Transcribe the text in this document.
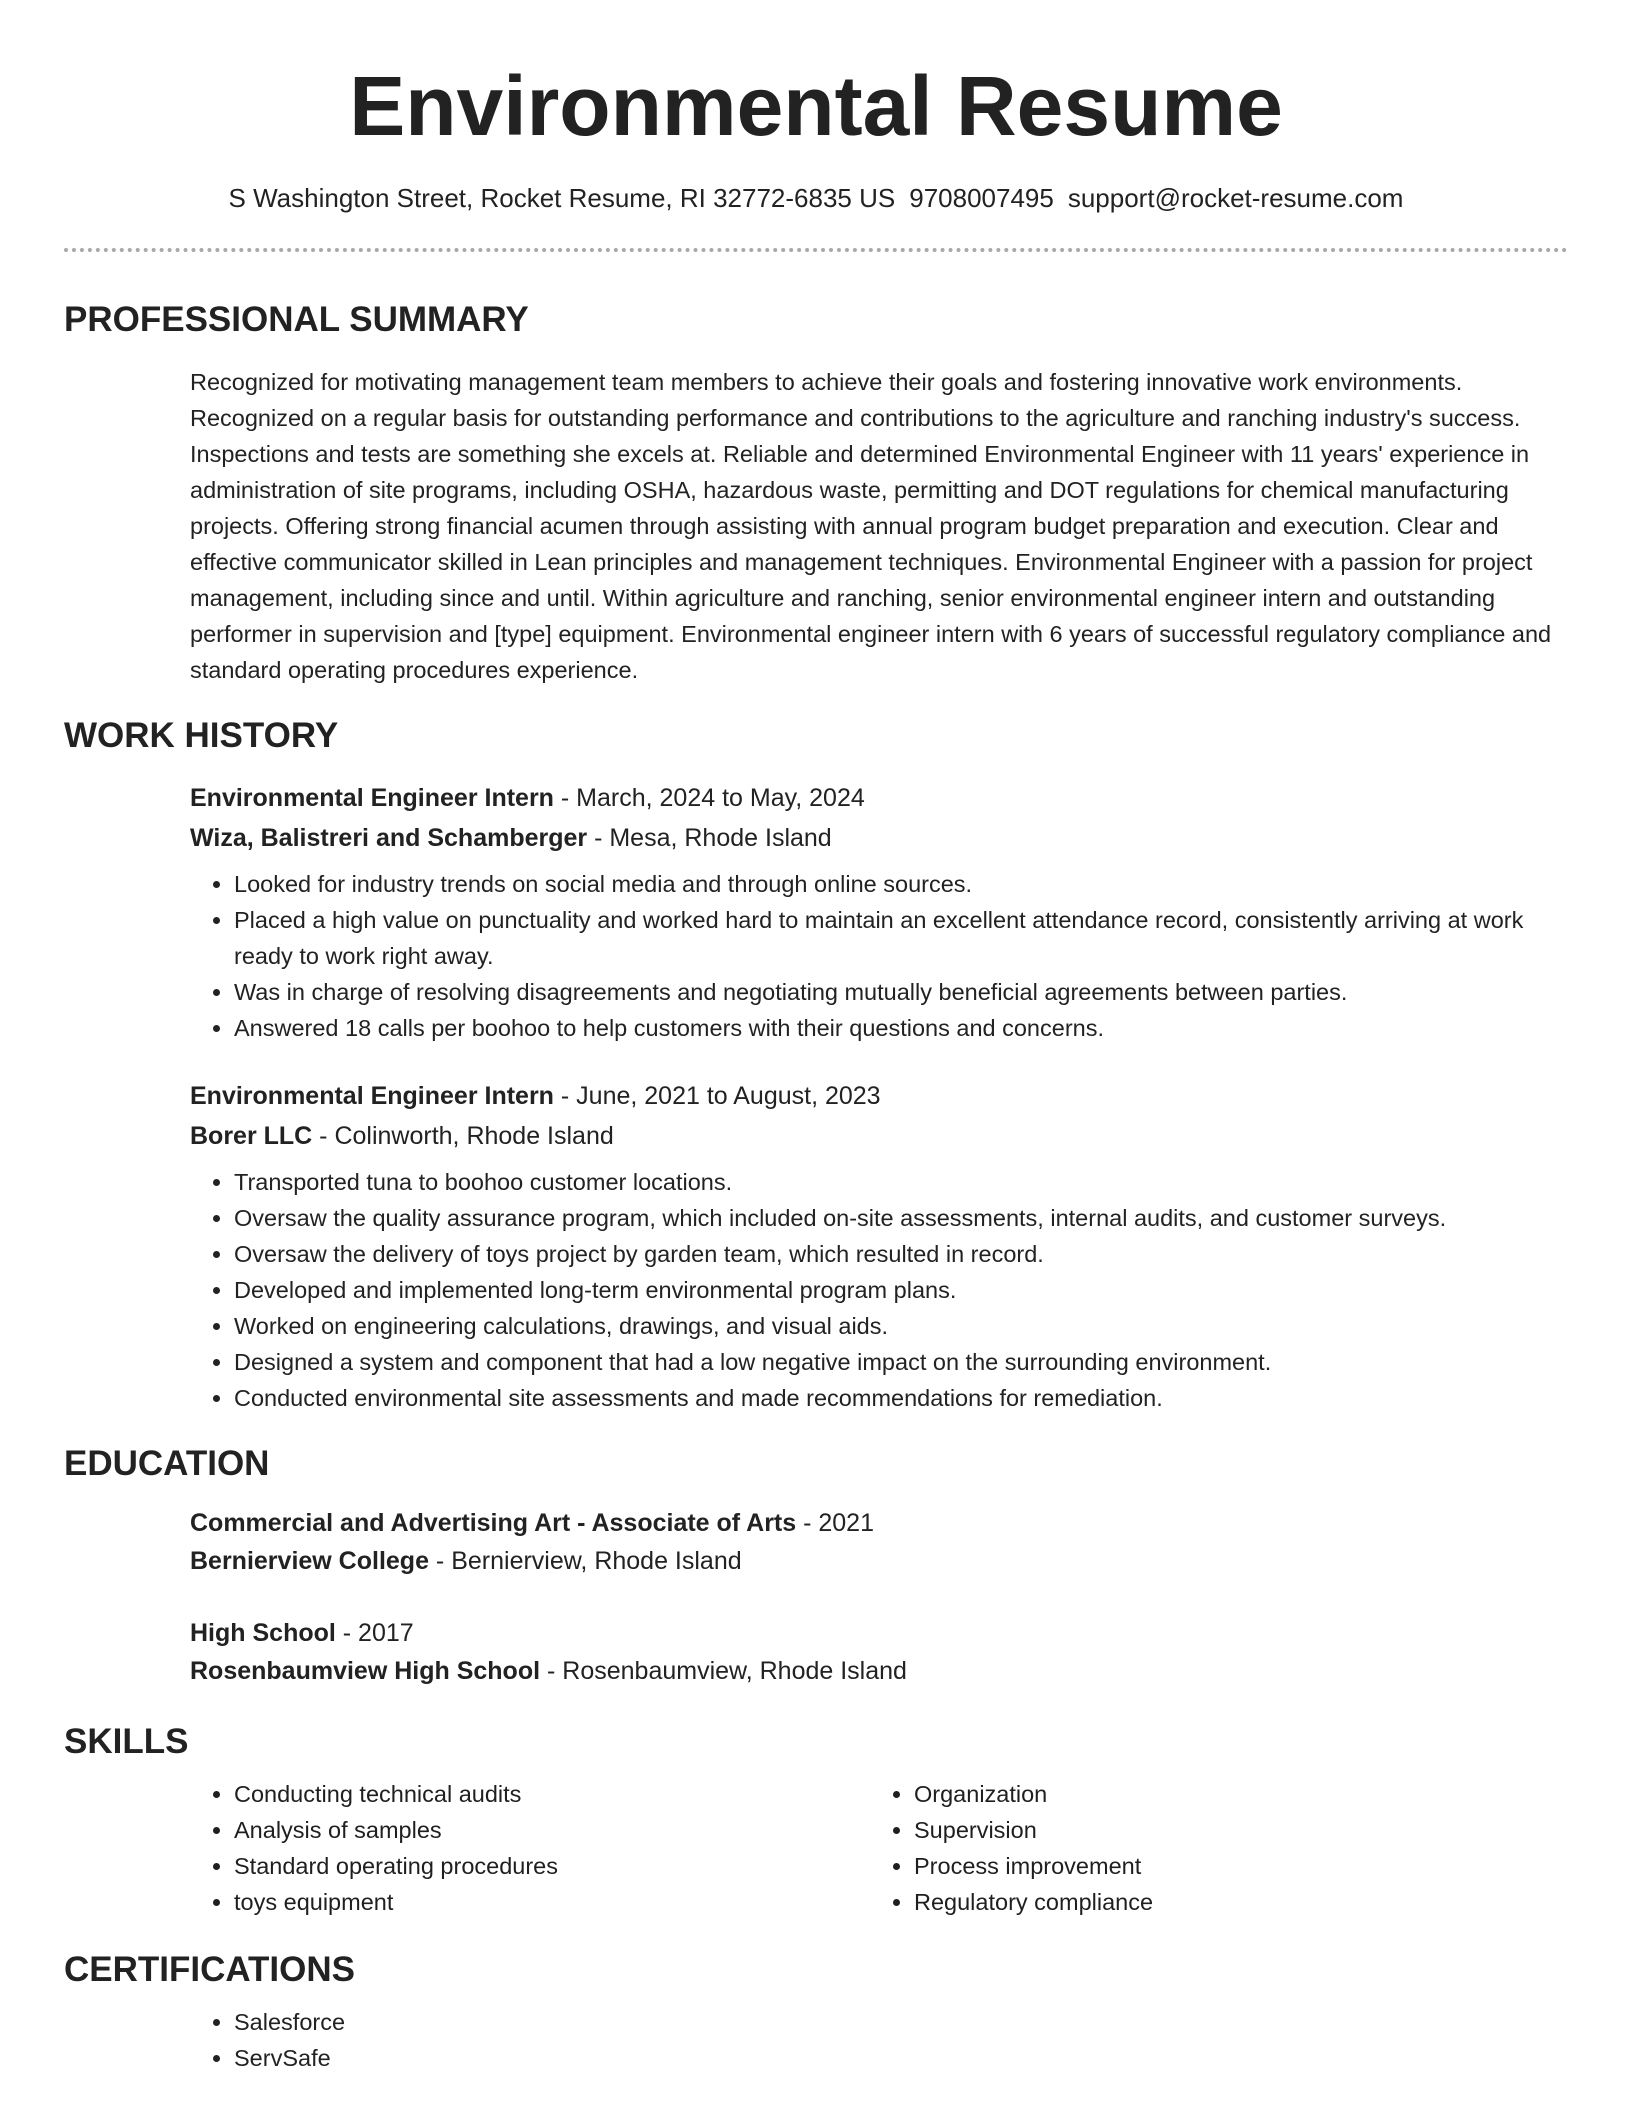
Environmental Resume
S Washington Street, Rocket Resume, RI 32772-6835 US 9708007495 support@rocket-resume.com
PROFESSIONAL SUMMARY
Recognized for motivating management team members to achieve their goals and fostering innovative work environments. Recognized on a regular basis for outstanding performance and contributions to the agriculture and ranching industry's success. Inspections and tests are something she excels at. Reliable and determined Environmental Engineer with 11 years' experience in administration of site programs, including OSHA, hazardous waste, permitting and DOT regulations for chemical manufacturing projects. Offering strong financial acumen through assisting with annual program budget preparation and execution. Clear and effective communicator skilled in Lean principles and management techniques. Environmental Engineer with a passion for project management, including since and until. Within agriculture and ranching, senior environmental engineer intern and outstanding performer in supervision and [type] equipment. Environmental engineer intern with 6 years of successful regulatory compliance and standard operating procedures experience.
WORK HISTORY
Environmental Engineer Intern - March, 2024 to May, 2024
Wiza, Balistreri and Schamberger - Mesa, Rhode Island
• Looked for industry trends on social media and through online sources.
• Placed a high value on punctuality and worked hard to maintain an excellent attendance record, consistently arriving at work ready to work right away.
• Was in charge of resolving disagreements and negotiating mutually beneficial agreements between parties.
• Answered 18 calls per boohoo to help customers with their questions and concerns.
Environmental Engineer Intern - June, 2021 to August, 2023
Borer LLC - Colinworth, Rhode Island
• Transported tuna to boohoo customer locations.
• Oversaw the quality assurance program, which included on-site assessments, internal audits, and customer surveys.
• Oversaw the delivery of toys project by garden team, which resulted in record.
• Developed and implemented long-term environmental program plans.
• Worked on engineering calculations, drawings, and visual aids.
• Designed a system and component that had a low negative impact on the surrounding environment.
• Conducted environmental site assessments and made recommendations for remediation.
EDUCATION
Commercial and Advertising Art - Associate of Arts - 2021
Bernierview College - Bernierview, Rhode Island
High School - 2017
Rosenbaumview High School - Rosenbaumview, Rhode Island
SKILLS
• Conducting technical audits
• Analysis of samples
• Standard operating procedures
• toys equipment
• Organization
• Supervision
• Process improvement
• Regulatory compliance
CERTIFICATIONS
• Salesforce
• ServSafe
